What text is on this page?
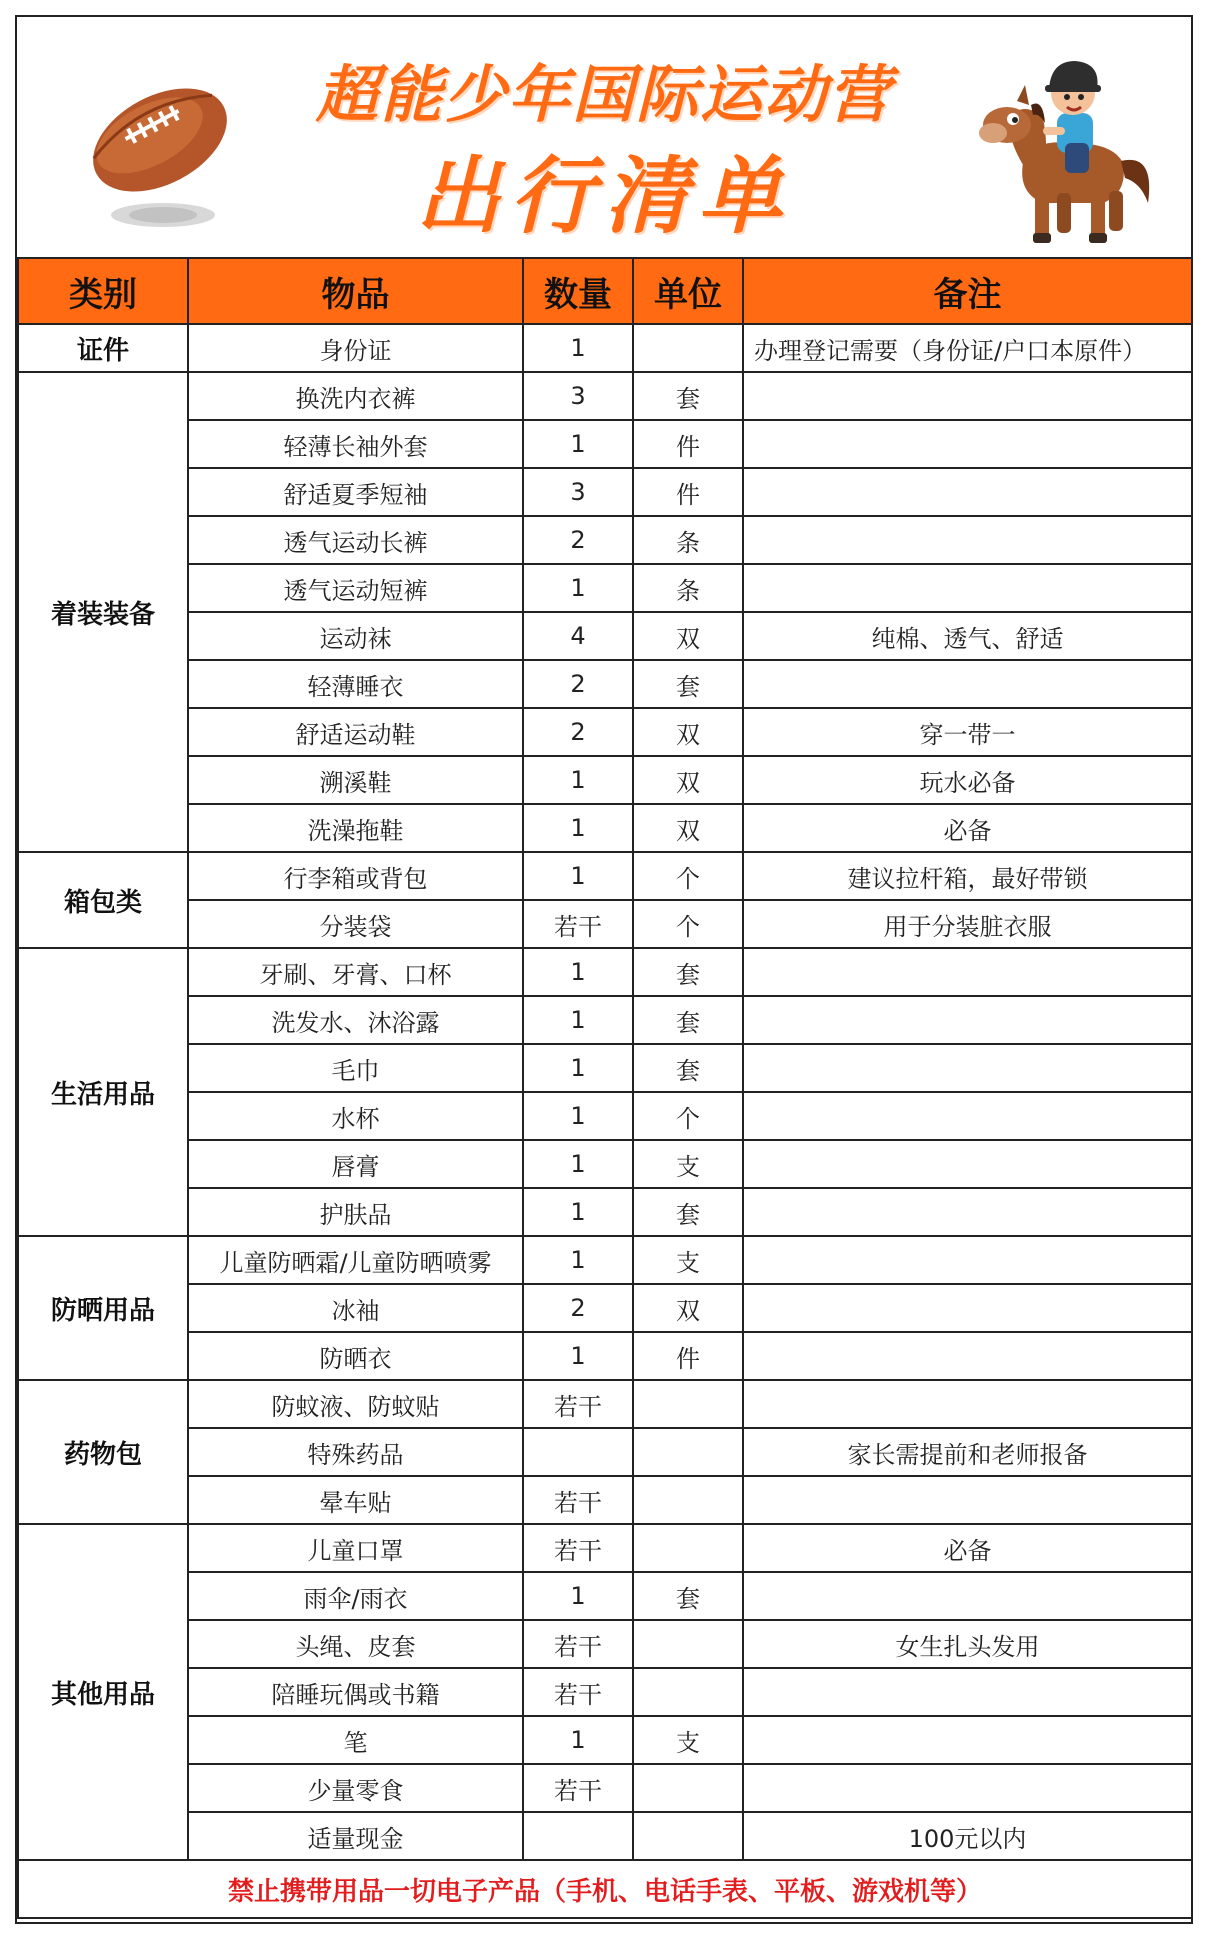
超能少年国际运动营
出行清单
类别	物品	数量	单位	备注
证件	身份证	1		办理登记需要（身份证/户口本原件）
着装装备	换洗内衣裤	3	套	
	轻薄长袖外套	1	件	
	舒适夏季短袖	3	件	
	透气运动长裤	2	条	
	透气运动短裤	1	条	
	运动袜	4	双	纯棉、透气、舒适
	轻薄睡衣	2	套	
	舒适运动鞋	2	双	穿一带一
	溯溪鞋	1	双	玩水必备
	洗澡拖鞋	1	双	必备
箱包类	行李箱或背包	1	个	建议拉杆箱，最好带锁
	分装袋	若干	个	用于分装脏衣服
生活用品	牙刷、牙膏、口杯	1	套	
	洗发水、沐浴露	1	套	
	毛巾	1	套	
	水杯	1	个	
	唇膏	1	支	
	护肤品	1	套	
防晒用品	儿童防晒霜/儿童防晒喷雾	1	支	
	冰袖	2	双	
	防晒衣	1	件	
药物包	防蚊液、防蚊贴	若干		
	特殊药品			家长需提前和老师报备
	晕车贴	若干		
其他用品	儿童口罩	若干		必备
	雨伞/雨衣	1	套	
	头绳、皮套	若干		女生扎头发用
	陪睡玩偶或书籍	若干		
	笔	1	支	
	少量零食	若干		
	适量现金			100元以内
禁止携带用品一切电子产品（手机、电话手表、平板、游戏机等）				
